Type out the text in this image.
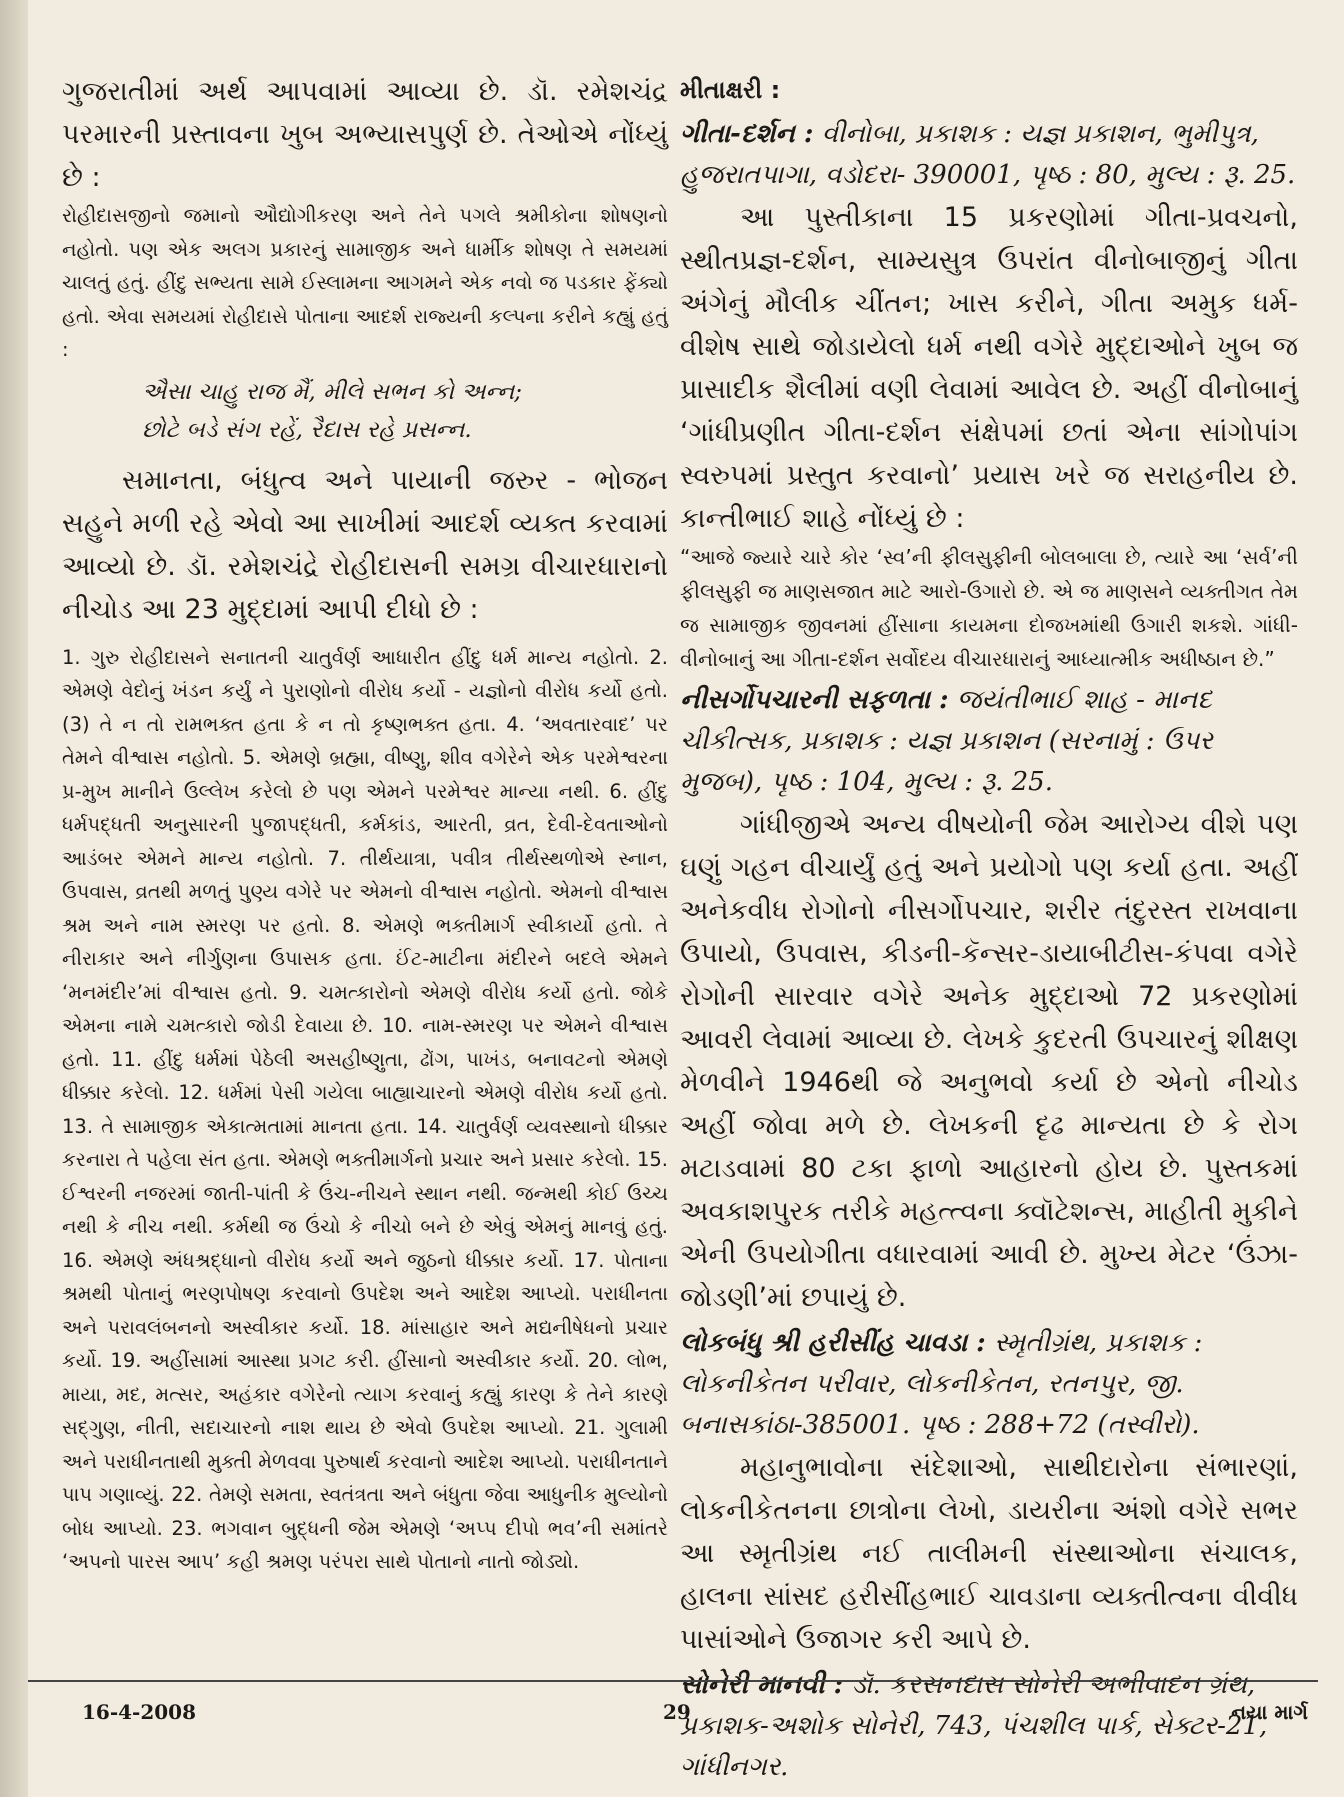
ગુજરાતીમાં અર્થ આપવામાં આવ્યા છે. ડૉ. રમેશચંદ્ર પરમારની પ્રસ્તાવના ખુબ અભ્યાસપુર્ણ છે. તેઓએ નોંધ્યું છે :

રોહીદાસજીનો જમાનો ઔદ્યોગીકરણ અને તેને પગલે શ્રમીકોના શોષણનો નહોતો. પણ એક અલગ પ્રકારનું સામાજીક અને ધાર્મીક શોષણ તે સમયમાં ચાલતું હતું. હીંદુ સભ્યતા સામે ઈસ્લામના આગમને એક નવો જ પડકાર ફેંક્યો હતો. એવા સમયમાં રોહીદાસે પોતાના આદર્શ રાજ્યની કલ્પના કરીને કહ્યું હતું :

ઐસા ચાહુ રાજ મૈં, મીલે સભન કો અન્ન;
છોટે બડે સંગ રહેં, રૈદાસ રહે પ્રસન્ન.

સમાનતા, બંધુત્વ અને પાયાની જરુર - ભોજન સહુને મળી રહે એવો આ સાખીમાં આદર્શ વ્યક્ત કરવામાં આવ્યો છે. ડૉ. રમેશચંદ્રે રોહીદાસની સમગ્ર વીચારધારાનો નીચોડ આ 23 મુદ્દામાં આપી દીધો છે :

1. ગુરુ રોહીદાસને સનાતની ચાતુર્વર્ણ આધારીત હીંદુ ધર્મ માન્ય નહોતો. 2. એમણે વેદોનું ખંડન કર્યું ને પુરાણોનો વીરોધ કર્યો - યજ્ઞોનો વીરોધ કર્યો હતો. (3) તે ન તો રામભક્ત હતા કે ન તો કૃષ્ણભક્ત હતા. 4. ‘અવતારવાદ’ પર તેમને વીશ્વાસ નહોતો. 5. એમણે બ્રહ્મા, વીષ્ણુ, શીવ વગેરેને એક પરમેશ્વરના પ્ર-મુખ માનીને ઉલ્લેખ કરેલો છે પણ એમને પરમેશ્વર માન્યા નથી. 6. હીંદુ ધર્મપદ્ધતી અનુસારની પુજાપદ્ધતી, કર્મકાંડ, આરતી, વ્રત, દેવી-દેવતાઓનો આડંબર એમને માન્ય નહોતો. 7. તીર્થયાત્રા, પવીત્ર તીર્થસ્થળોએ સ્નાન, ઉપવાસ, વ્રતથી મળતું પુણ્ય વગેરે પર એમનો વીશ્વાસ નહોતો. એમનો વીશ્વાસ શ્રમ અને નામ સ્મરણ પર હતો. 8. એમણે ભક્તીમાર્ગ સ્વીકાર્યો હતો. તે નીરાકાર અને નીર્ગુણના ઉપાસક હતા. ઈંટ-માટીના મંદીરને બદલે એમને ‘મનમંદીર’માં વીશ્વાસ હતો. 9. ચમત્કારોનો એમણે વીરોધ કર્યો હતો. જોકે એમના નામે ચમત્કારો જોડી દેવાયા છે. 10. નામ-સ્મરણ પર એમને વીશ્વાસ હતો. 11. હીંદુ ધર્મમાં પેઠેલી અસહીષ્ણુતા, ઢોંગ, પાખંડ, બનાવટનો એમણે ધીક્કાર કરેલો. 12. ધર્મમાં પેસી ગયેલા બાહ્યાચારનો એમણે વીરોધ કર્યો હતો. 13. તે સામાજીક એકાત્મતામાં માનતા હતા. 14. ચાતુર્વર્ણ વ્યવસ્થાનો ધીક્કાર કરનારા તે પહેલા સંત હતા. એમણે ભક્તીમાર્ગનો પ્રચાર અને પ્રસાર કરેલો. 15. ઈશ્વરની નજરમાં જાતી-પાંતી કે ઉંચ-નીચને સ્થાન નથી. જન્મથી કોઈ ઉચ્ચ નથી કે નીચ નથી. કર્મથી જ ઉંચો કે નીચો બને છે એવું એમનું માનવું હતું. 16. એમણે અંધશ્રદ્ધાનો વીરોધ કર્યો અને જુઠનો ધીક્કાર કર્યો. 17. પોતાના શ્રમથી પોતાનું ભરણપોષણ કરવાનો ઉપદેશ અને આદેશ આપ્યો. પરાધીનતા અને પરાવલંબનનો અસ્વીકાર કર્યો. 18. માંસાહાર અને મદ્યનીષેધનો પ્રચાર કર્યો. 19. અહીંસામાં આસ્થા પ્રગટ કરી. હીંસાનો અસ્વીકાર કર્યો. 20. લોભ, માયા, મદ, મત્સર, અહંકાર વગેરેનો ત્યાગ કરવાનું કહ્યું કારણ કે તેને કારણે સદ્‌ગુણ, નીતી, સદાચારનો નાશ થાય છે એવો ઉપદેશ આપ્યો. 21. ગુલામી અને પરાધીનતાથી મુક્તી મેળવવા પુરુષાર્થ કરવાનો આદેશ આપ્યો. પરાધીનતાને પાપ ગણાવ્યું. 22. તેમણે સમતા, સ્વતંત્રતા અને બંધુતા જેવા આધુનીક મુલ્યોનો બોધ આપ્યો. 23. ભગવાન બુદ્ધની જેમ એમણે ‘અપ્પ દીપો ભવ’ની સમાંતરે ‘અપનો પારસ આપ’ કહી શ્રમણ પરંપરા સાથે પોતાનો નાતો જોડ્યો.

મીતાક્ષરી :

ગીતા-દર્શન : વીનોબા, પ્રકાશક : યજ્ઞ પ્રકાશન, ભુમીપુત્ર, હુજરાતપાગા, વડોદરા- 390001, પૃષ્ઠ : 80, મુલ્ય : રૂ. 25.

આ પુસ્તીકાના 15 પ્રકરણોમાં ગીતા-પ્રવચનો, સ્થીતપ્રજ્ઞ-દર્શન, સામ્યસુત્ર ઉપરાંત વીનોબાજીનું ગીતા અંગેનું મૌલીક ચીંતન; ખાસ કરીને, ગીતા અમુક ધર્મ-વીશેષ સાથે જોડાયેલો ધર્મ નથી વગેરે મુદ્દાઓને ખુબ જ પ્રાસાદીક શૈલીમાં વણી લેવામાં આવેલ છે. અહીં વીનોબાનું ‘ગાંધીપ્રણીત ગીતા-દર્શન સંક્ષેપમાં છતાં એના સાંગોપાંગ સ્વરુપમાં પ્રસ્તુત કરવાનો’ પ્રયાસ ખરે જ સરાહનીય છે. કાન્તીભાઈ શાહે નોંધ્યું છે :

“આજે જ્યારે ચારે કોર ‘સ્વ’ની ફીલસુફીની બોલબાલા છે, ત્યારે આ ‘સર્વ’ની ફીલસુફી જ માણસજાત માટે આરો-ઉગારો છે. એ જ માણસને વ્યક્તીગત તેમ જ સામાજીક જીવનમાં હીંસાના કાયમના દોજખમાંથી ઉગારી શકશે. ગાંધી-વીનોબાનું આ ગીતા-દર્શન સર્વોદય વીચારધારાનું આધ્યાત્મીક અધીષ્ઠાન છે.”

નીસર્ગોપચારની સફળતા : જયંતીભાઈ શાહ - માનદ ચીકીત્સક, પ્રકાશક : યજ્ઞ પ્રકાશન (સરનામું : ઉપર મુજબ), પૃષ્ઠ : 104, મુલ્ય : રૂ. 25.

ગાંધીજીએ અન્ય વીષયોની જેમ આરોગ્ય વીશે પણ ઘણું ગહન વીચાર્યું હતું અને પ્રયોગો પણ કર્યા હતા. અહીં અનેકવીધ રોગોનો નીસર્ગોપચાર, શરીર તંદુરસ્ત રાખવાના ઉપાયો, ઉપવાસ, કીડની-કૅન્સર-ડાયાબીટીસ-કંપવા વગેરે રોગોની સારવાર વગેરે અનેક મુદ્દાઓ 72 પ્રકરણોમાં આવરી લેવામાં આવ્યા છે. લેખકે કુદરતી ઉપચારનું શીક્ષણ મેળવીને 1946થી જે અનુભવો કર્યા છે એનો નીચોડ અહીં જોવા મળે છે. લેખકની દૃઢ માન્યતા છે કે રોગ મટાડવામાં 80 ટકા ફાળો આહારનો હોય છે. પુસ્તકમાં અવકાશપુરક તરીકે મહત્ત્વના ક્વૉટેશન્સ, માહીતી મુકીને એની ઉપયોગીતા વધારવામાં આવી છે. મુખ્ય મેટર ‘ઉંઝા- જોડણી’માં છપાયું છે.

લોકબંધુ શ્રી હરીસીંહ ચાવડા : સ્મૃતીગ્રંથ, પ્રકાશક : લોકનીકેતન પરીવાર, લોકનીકેતન, રતનપુર, જી. બનાસકાંઠા-385001. પૃષ્ઠ : 288+72 (તસ્વીરો).

મહાનુભાવોના સંદેશાઓ, સાથીદારોના સંભારણાં, લોકનીકેતનના છાત્રોના લેખો, ડાયરીના અંશો વગેરે સભર આ સ્મૃતીગ્રંથ નઈ તાલીમની સંસ્થાઓના સંચાલક, હાલના સાંસદ હરીસીંહભાઈ ચાવડાના વ્યક્તીત્વના વીવીધ પાસાંઓને ઉજાગર કરી આપે છે.

સોનેરી માનવી : ડૉ. કરસનદાસ સોનેરી અભીવાદન ગ્રંથ, પ્રકાશક-અશોક સોનેરી, 743, પંચશીલ પાર્ક, સેક્ટર-21, ગાંધીનગર.

16-4-2008	29	નયા માર્ગ
